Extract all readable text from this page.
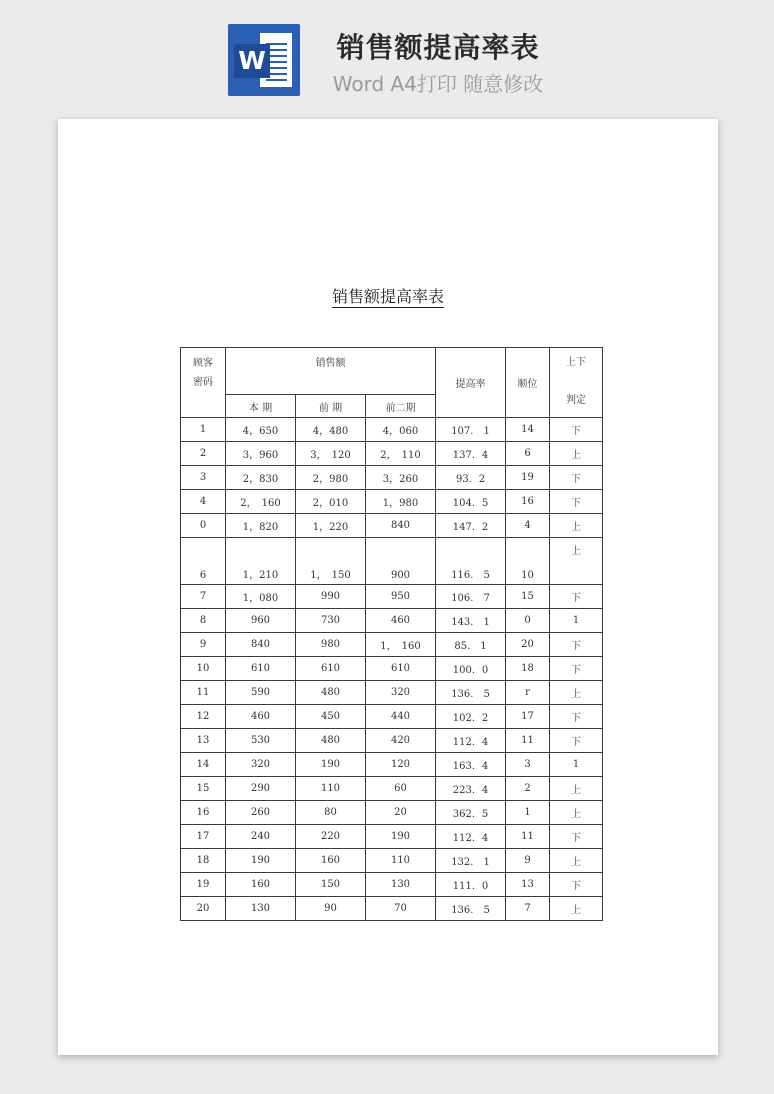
W	销售额提高率表
Word A4打印 随意修改
销售额提高率表
顾客
密码	销售额			提高率	顺位	上下
判定
	本 期	前 期	前二期			
1	4，650	4，480	4，060	107.　1	14	下
2	3，960	3，　120	2，　110	137．4	6	上
3	2，830	2，980	3，260	93．2	19	下
4	2，　160	2，010	1，980	104．5	16	下
0	1，820	1，220	840	147．2	4	上
6	1，210	1，　150	900	116.　5	10	上
7	1，080	990	950	106.　7	15	下
8	960	730	460	143.　1	0	1
9	840	980	1，　160	85.　1	20	下
10	610	610	610	100．0	18	下
11	590	480	320	136.　5	r	上
12	460	450	440	102．2	17	下
13	530	480	420	112．4	11	下
14	320	190	120	163．4	3	1
15	290	110	60	223．4	2	上
16	260	80	20	362．5	1	上
17	240	220	190	112．4	11	下
18	190	160	110	132.　1	9	上
19	160	150	130	111．0	13	下
20	130	90	70	136.　5	7	上
